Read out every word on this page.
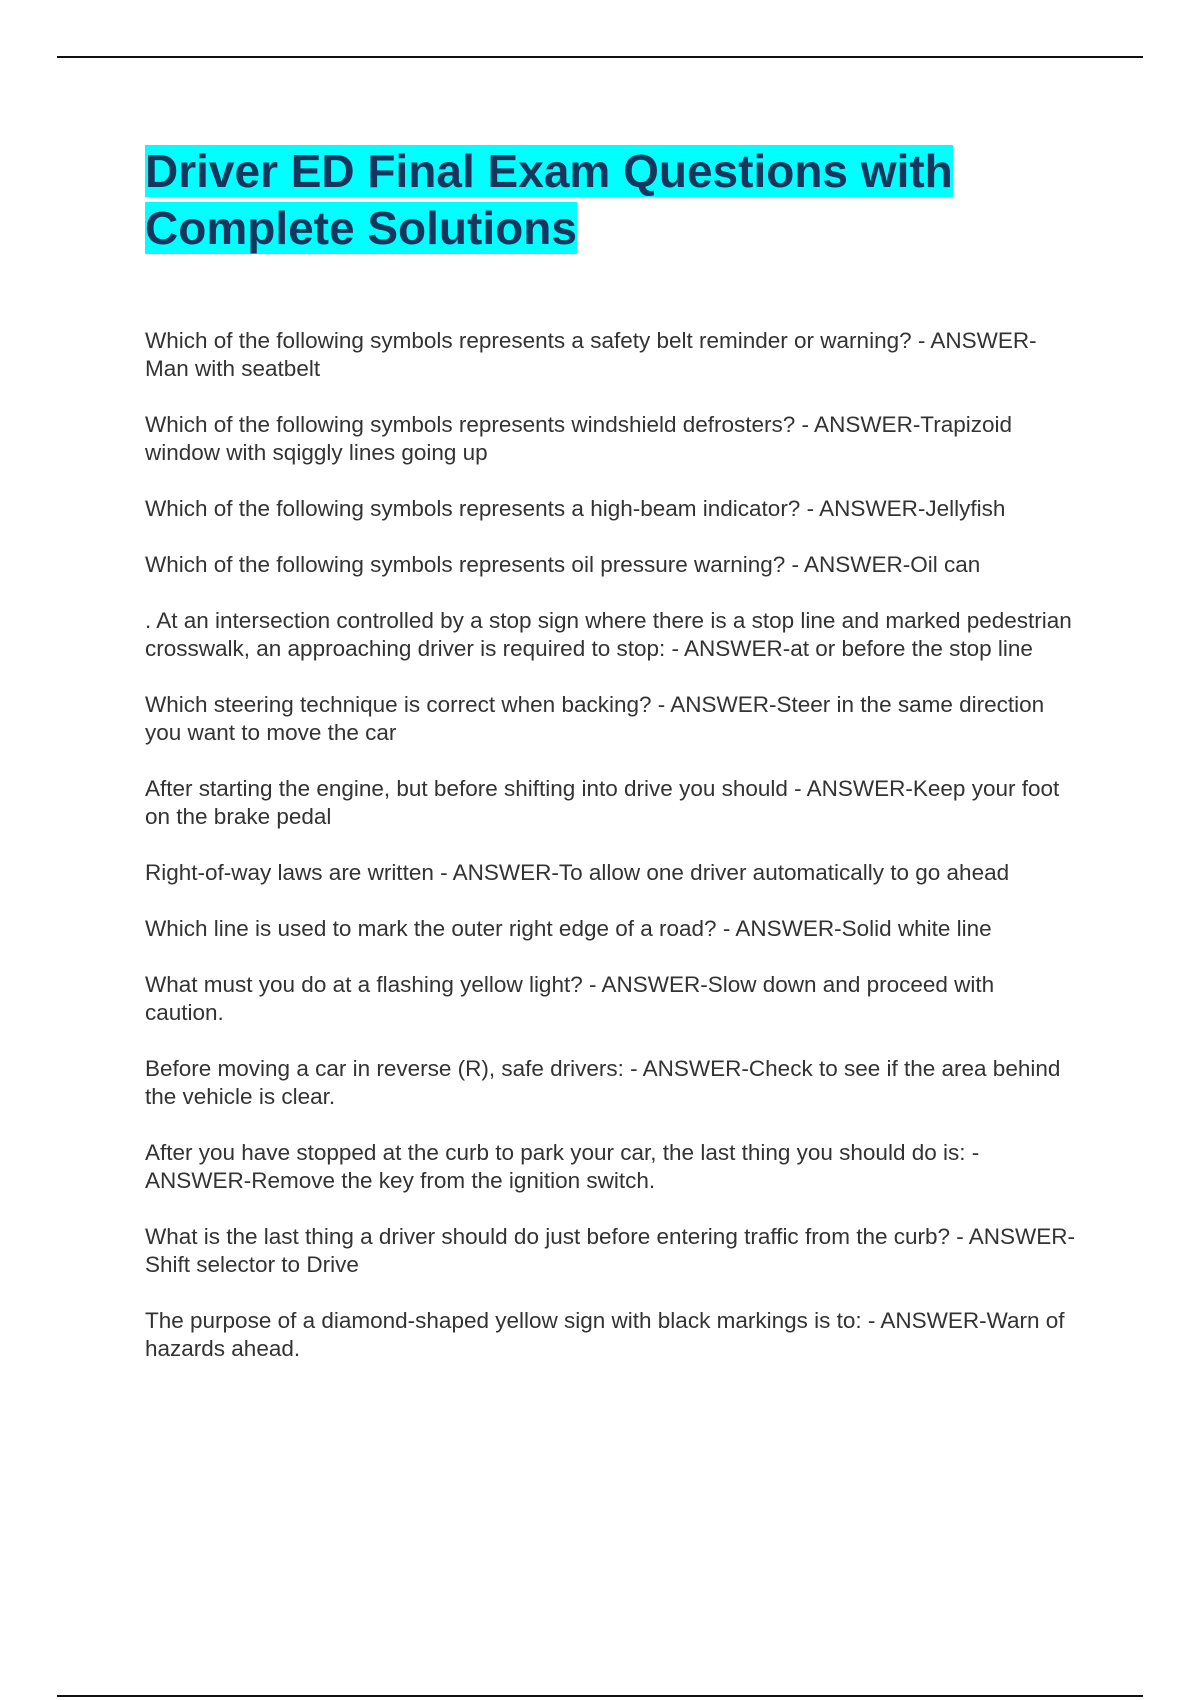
Driver ED Final Exam Questions with Complete Solutions
Which of the following symbols represents a safety belt reminder or warning? - ANSWER-Man with seatbelt
Which of the following symbols represents windshield defrosters? - ANSWER-Trapizoid window with sqiggly lines going up
Which of the following symbols represents a high-beam indicator? - ANSWER-Jellyfish
Which of the following symbols represents oil pressure warning? - ANSWER-Oil can
. At an intersection controlled by a stop sign where there is a stop line and marked pedestrian crosswalk, an approaching driver is required to stop: - ANSWER-at or before the stop line
Which steering technique is correct when backing? - ANSWER-Steer in the same direction you want to move the car
After starting the engine, but before shifting into drive you should - ANSWER-Keep your foot on the brake pedal
Right-of-way laws are written - ANSWER-To allow one driver automatically to go ahead
Which line is used to mark the outer right edge of a road? - ANSWER-Solid white line
What must you do at a flashing yellow light? - ANSWER-Slow down and proceed with caution.
Before moving a car in reverse (R), safe drivers: - ANSWER-Check to see if the area behind the vehicle is clear.
After you have stopped at the curb to park your car, the last thing you should do is: - ANSWER-Remove the key from the ignition switch.
What is the last thing a driver should do just before entering traffic from the curb? - ANSWER-Shift selector to Drive
The purpose of a diamond-shaped yellow sign with black markings is to: - ANSWER-Warn of hazards ahead.
